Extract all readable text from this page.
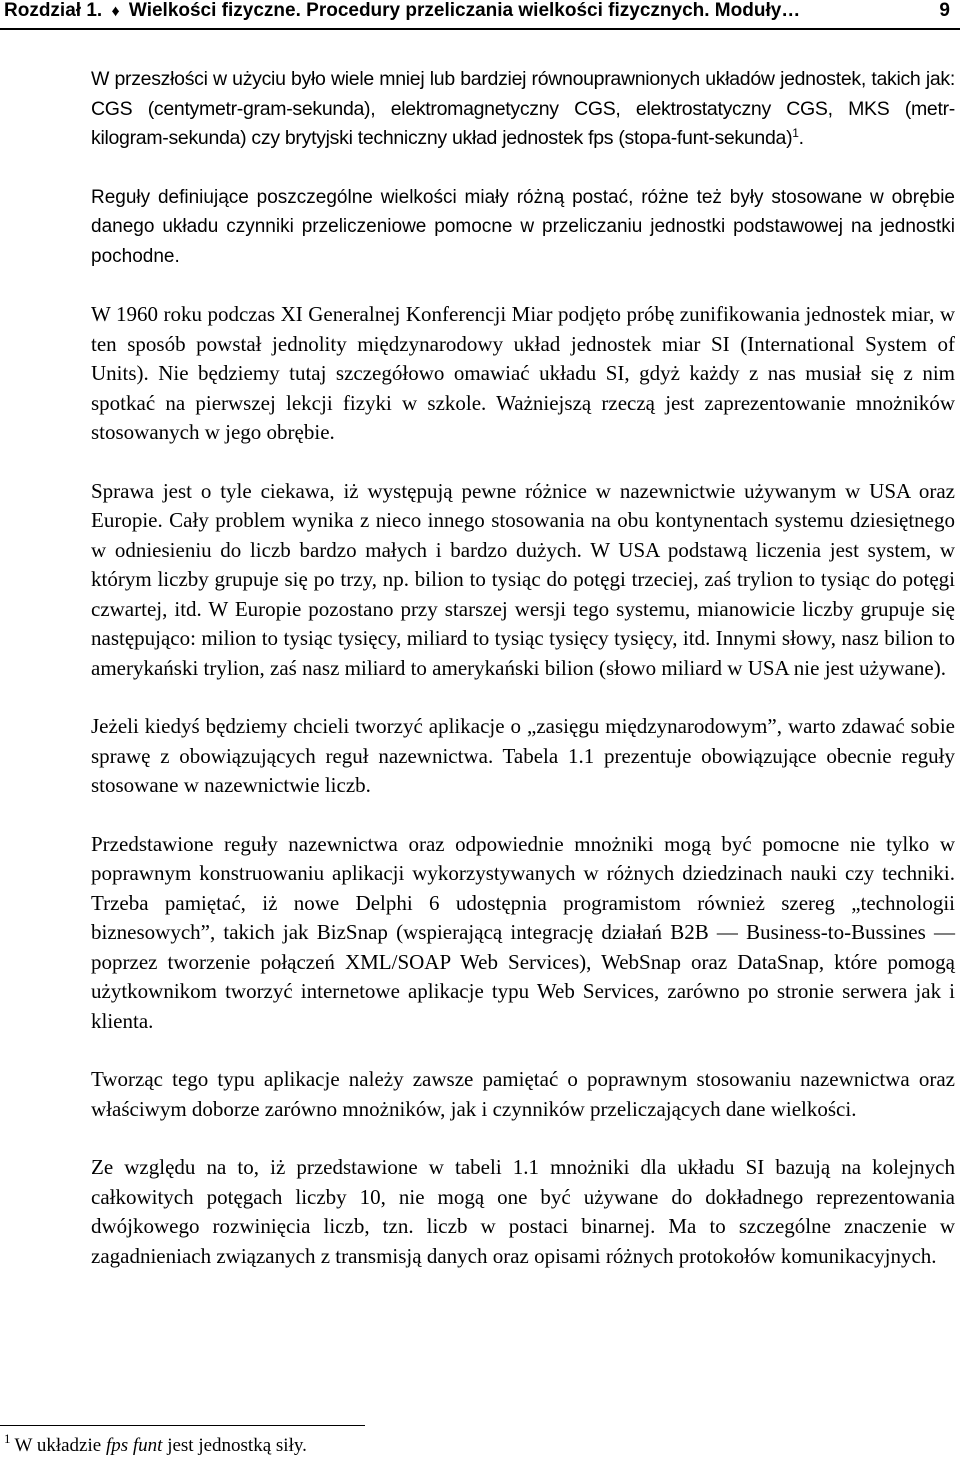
Rozdział 1. ♦ Wielkości fizyczne. Procedury przeliczania wielkości fizycznych. Moduły…	9

W przeszłości w użyciu było wiele mniej lub bardziej równouprawnionych układów jednostek, takich jak: CGS (centymetr-gram-sekunda), elektromagnetyczny CGS, elektrostatyczny CGS, MKS (metr-kilogram-sekunda) czy brytyjski techniczny układ jednostek fps (stopa-funt-sekunda)$^1$.

Reguły definiujące poszczególne wielkości miały różną postać, różne też były stosowane w obrębie danego układu czynniki przeliczeniowe pomocne w przeliczaniu jednostki podstawowej na jednostki pochodne.

W 1960 roku podczas XI Generalnej Konferencji Miar podjęto próbę zunifikowania jednostek miar, w ten sposób powstał jednolity międzynarodowy układ jednostek miar SI (International System of Units). Nie będziemy tutaj szczegółowo omawiać układu SI, gdyż każdy z nas musiał się z nim spotkać na pierwszej lekcji fizyki w szkole. Ważniejszą rzeczą jest zaprezentowanie mnożników stosowanych w jego obrębie.

Sprawa jest o tyle ciekawa, iż występują pewne różnice w nazewnictwie używanym w USA oraz Europie. Cały problem wynika z nieco innego stosowania na obu kontynentach systemu dziesiętnego w odniesieniu do liczb bardzo małych i bardzo dużych. W USA podstawą liczenia jest system, w którym liczby grupuje się po trzy, np. bilion to tysiąc do potęgi trzeciej, zaś trylion to tysiąc do potęgi czwartej, itd. W Europie pozostano przy starszej wersji tego systemu, mianowicie liczby grupuje się następująco: milion to tysiąc tysięcy, miliard to tysiąc tysięcy tysięcy, itd. Innymi słowy, nasz bilion to amerykański trylion, zaś nasz miliard to amerykański bilion (słowo miliard w USA nie jest używane).

Jeżeli kiedyś będziemy chcieli tworzyć aplikacje o „zasięgu międzynarodowym”, warto zdawać sobie sprawę z obowiązujących reguł nazewnictwa. Tabela 1.1 prezentuje obowiązujące obecnie reguły stosowane w nazewnictwie liczb.

Przedstawione reguły nazewnictwa oraz odpowiednie mnożniki mogą być pomocne nie tylko w poprawnym konstruowaniu aplikacji wykorzystywanych w różnych dziedzinach nauki czy techniki. Trzeba pamiętać, iż nowe Delphi 6 udostępnia programistom również szereg „technologii biznesowych”, takich jak BizSnap (wspierającą integrację działań B2B — Business-to-Bussines — poprzez tworzenie połączeń XML/SOAP Web Services), WebSnap oraz DataSnap, które pomogą użytkownikom tworzyć internetowe aplikacje typu Web Services, zarówno po stronie serwera jak i klienta.

Tworząc tego typu aplikacje należy zawsze pamiętać o poprawnym stosowaniu nazewnictwa oraz właściwym doborze zarówno mnożników, jak i czynników przeliczających dane wielkości.

Ze względu na to, iż przedstawione w tabeli 1.1 mnożniki dla układu SI bazują na kolejnych całkowitych potęgach liczby 10, nie mogą one być używane do dokładnego reprezentowania dwójkowego rozwinięcia liczb, tzn. liczb w postaci binarnej. Ma to szczególne znaczenie w zagadnieniach związanych z transmisją danych oraz opisami różnych protokołów komunikacyjnych.

$^1$ W układzie fps funt jest jednostką siły.
